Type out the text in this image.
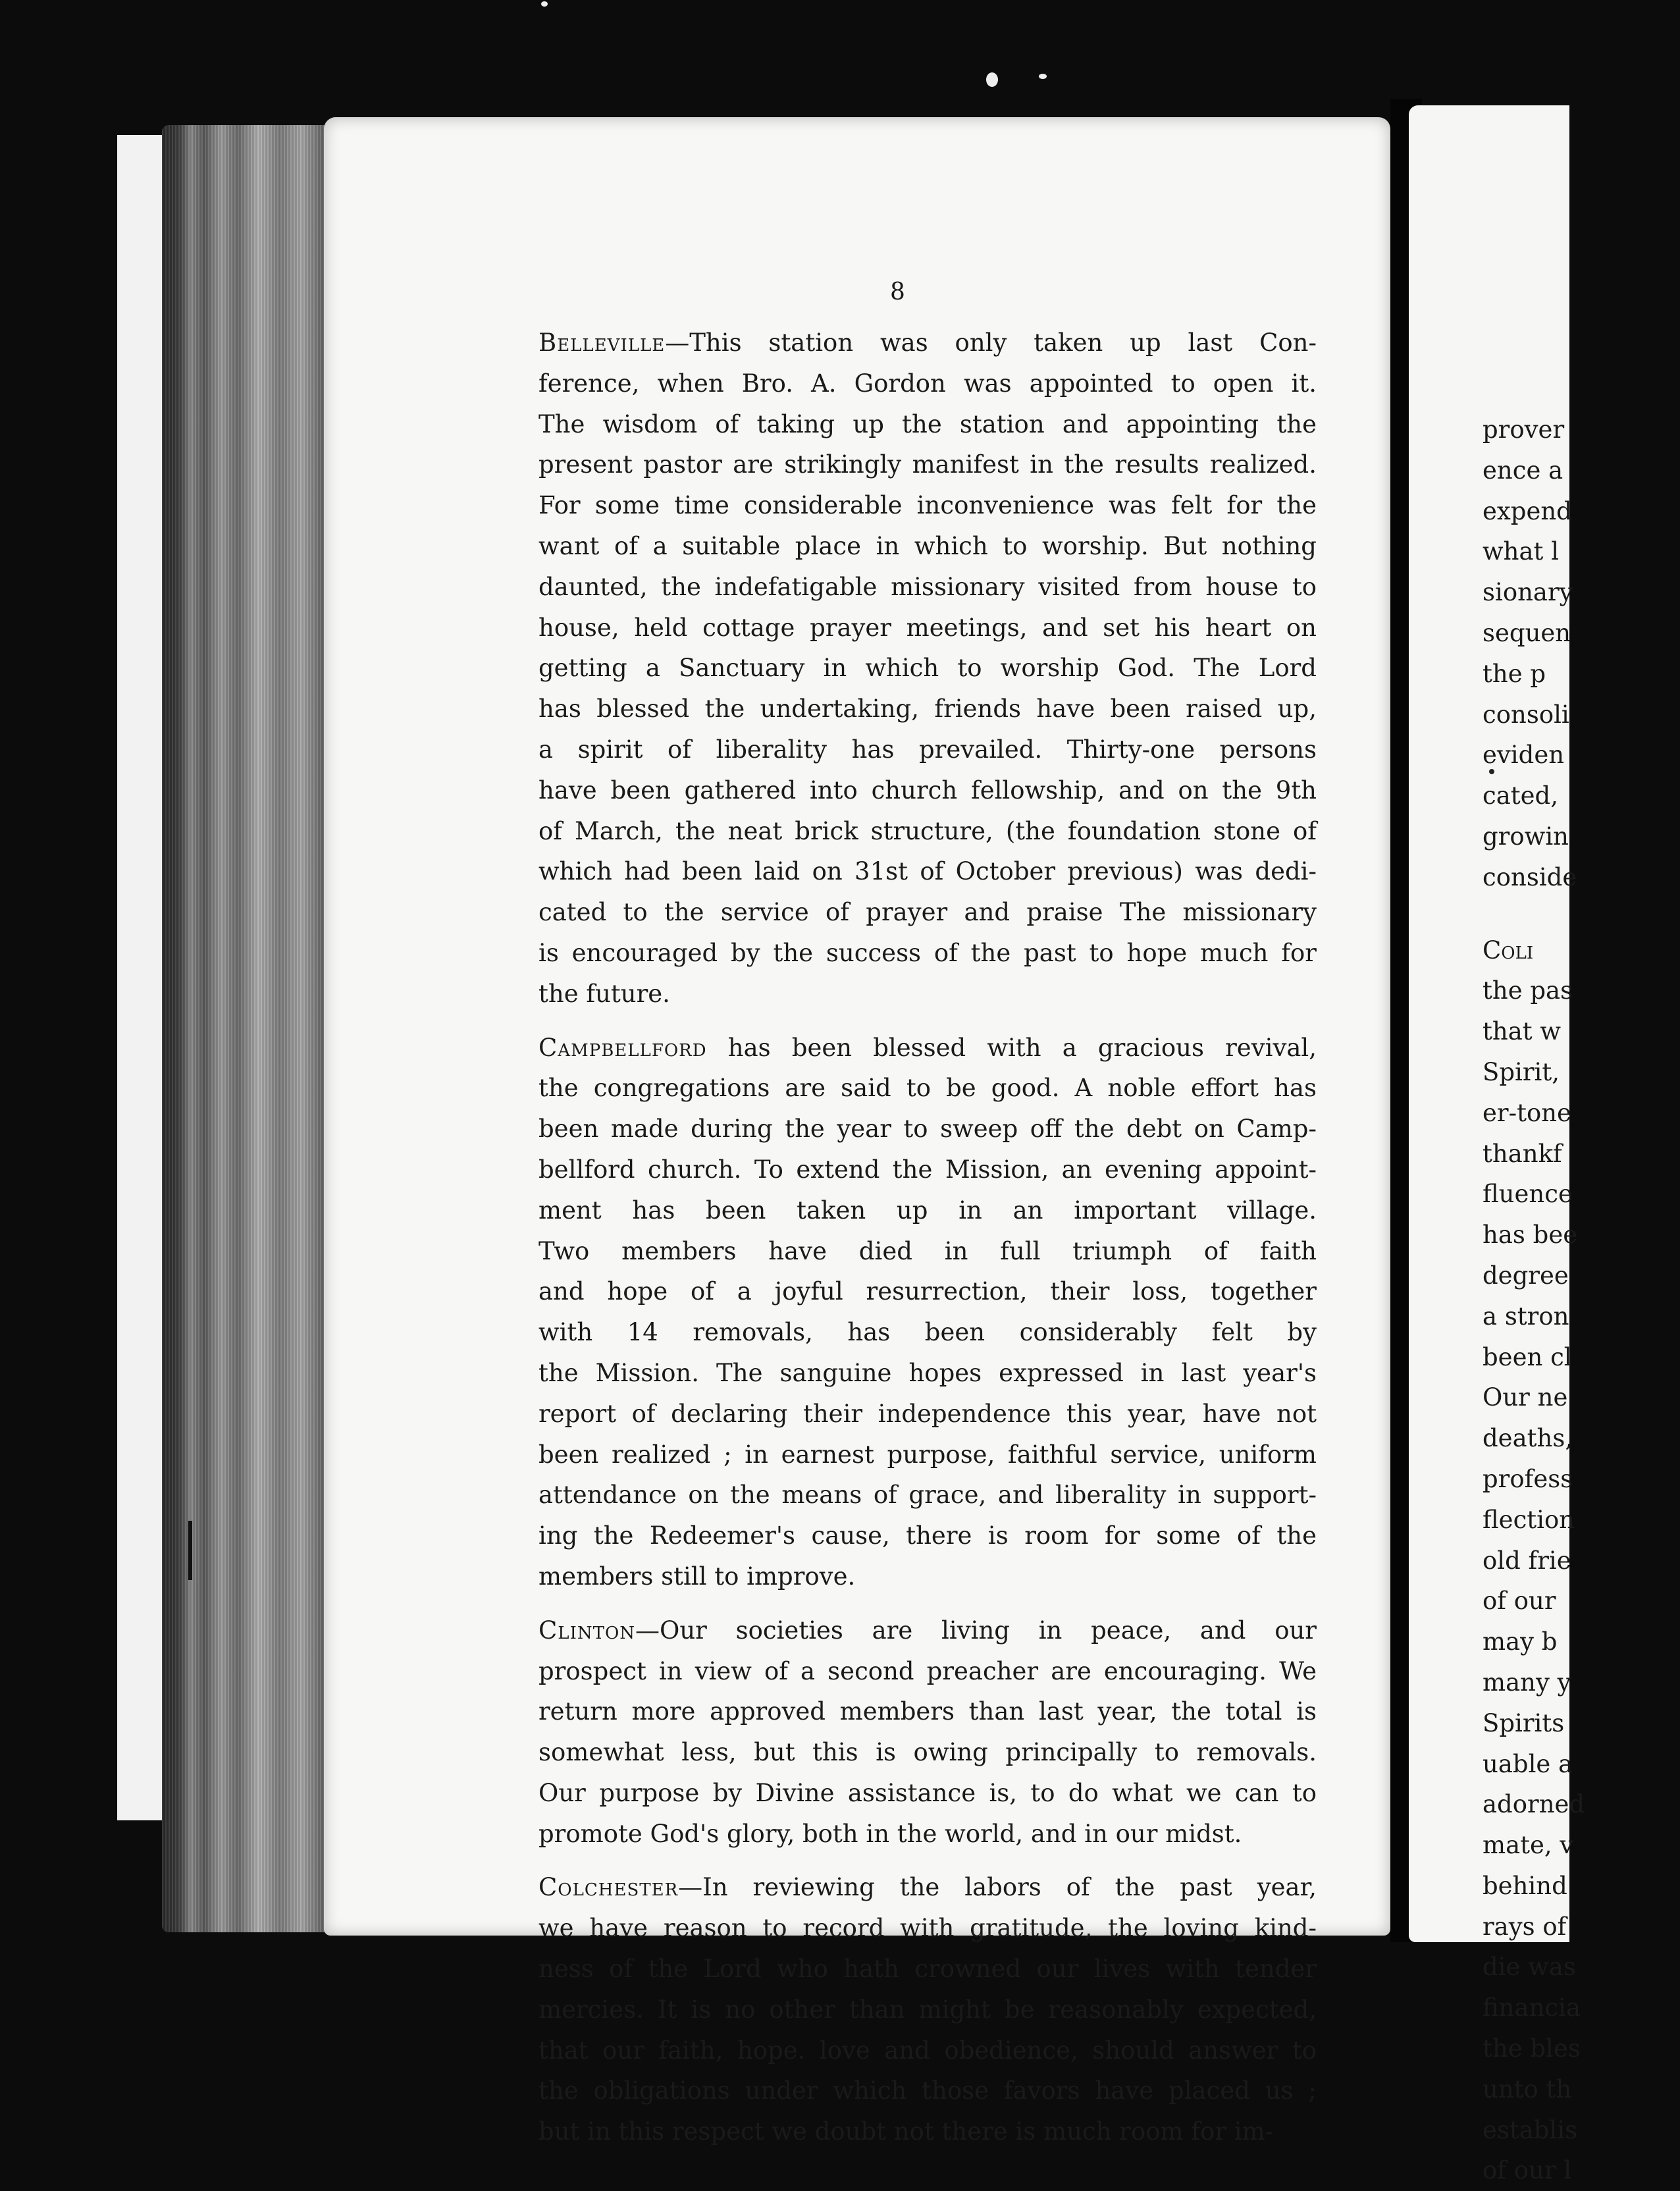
prover
ence a
expend
what l
sionary
sequen
the p
consoli
eviden
cated,
growin
conside
Coli
the pas
that w
Spirit,
er-tone
thankf
fluence
has bee
degree
a stron
been cl
Our ne
deaths,
profess
flection
old frie
of our
may b
many y
Spirits
uable a
adorned
mate, v
behind
rays of
die was
financia
the bles
unto th
establis
of our l
8
Belleville—This station was only taken up last Con-
ference, when Bro. A. Gordon was appointed to open it.
The wisdom of taking up the station and appointing the
present pastor are strikingly manifest in the results realized.
For some time considerable inconvenience was felt for the
want of a suitable place in which to worship. But nothing
daunted, the indefatigable missionary visited from house to
house, held cottage prayer meetings, and set his heart on
getting a Sanctuary in which to worship God. The Lord
has blessed the undertaking, friends have been raised up,
a spirit of liberality has prevailed. Thirty-one persons
have been gathered into church fellowship, and on the 9th
of March, the neat brick structure, (the foundation stone of
which had been laid on 31st of October previous) was dedi-
cated to the service of prayer and praise The missionary
is encouraged by the success of the past to hope much for
the future.
Campbellford has been blessed with a gracious revival,
the congregations are said to be good. A noble effort has
been made during the year to sweep off the debt on Camp-
bellford church. To extend the Mission, an evening appoint-
ment has been taken up in an important village.
Two members have died in full triumph of faith
and hope of a joyful resurrection, their loss, together
with 14 removals, has been considerably felt by
the Mission. The sanguine hopes expressed in last year's
report of declaring their independence this year, have not
been realized ; in earnest purpose, faithful service, uniform
attendance on the means of grace, and liberality in support-
ing the Redeemer's cause, there is room for some of the
members still to improve.
Clinton—Our societies are living in peace, and our
prospect in view of a second preacher are encouraging. We
return more approved members than last year, the total is
somewhat less, but this is owing principally to removals.
Our purpose by Divine assistance is, to do what we can to
promote God's glory, both in the world, and in our midst.
Colchester—In reviewing the labors of the past year,
we have reason to record with gratitude, the loving kind-
ness of the Lord who hath crowned our lives with tender
mercies. It is no other than might be reasonably expected,
that our faith, hope. love and obedience, should answer to
the obligations under which those favors have placed us ;
but in this respect we doubt not there is much room for im-
